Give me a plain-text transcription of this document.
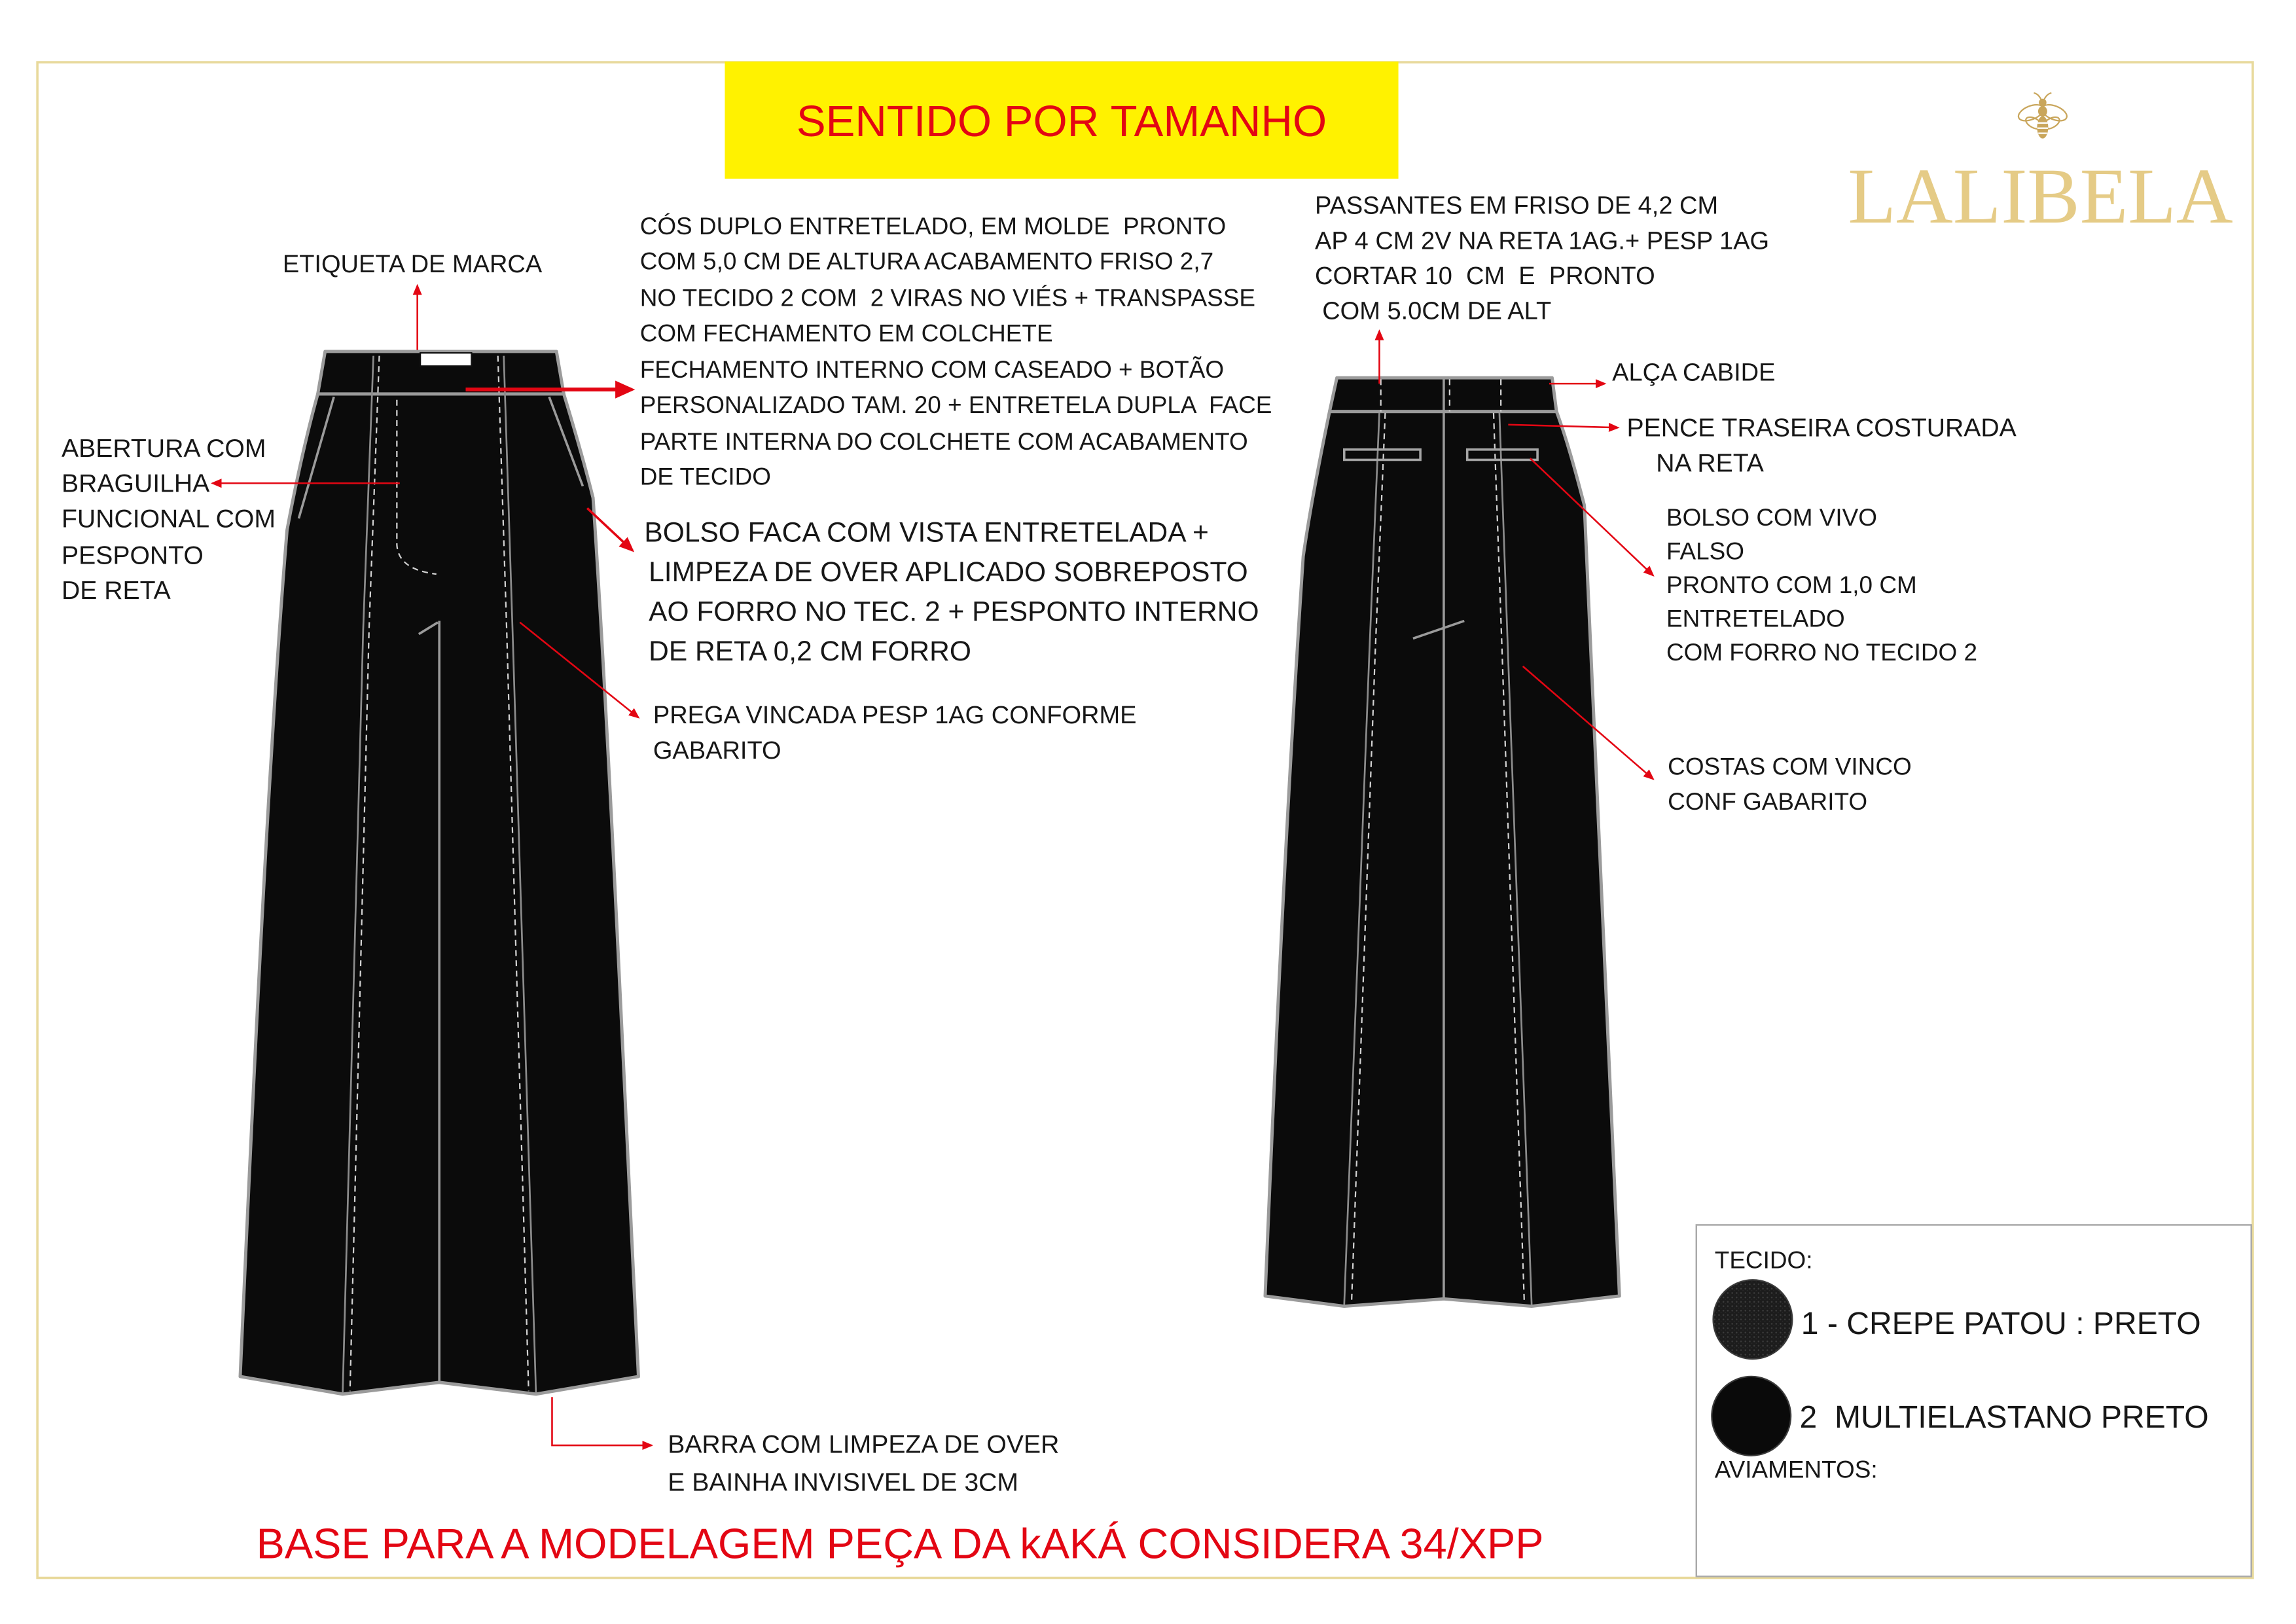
SENTIDO POR TAMANHO
LALIBELA
ETIQUETA DE MARCA
CÓS DUPLO ENTRETELADO, EM MOLDE  PRONTO
COM 5,0 CM DE ALTURA ACABAMENTO FRISO 2,7
NO TECIDO 2 COM  2 VIRAS NO VIÉS + TRANSPASSE
COM FECHAMENTO EM COLCHETE
FECHAMENTO INTERNO COM CASEADO + BOTÃO
PERSONALIZADO TAM. 20 + ENTRETELA DUPLA  FACE
PARTE INTERNA DO COLCHETE COM ACABAMENTO
DE TECIDO
ABERTURA COM
BRAGUILHA
FUNCIONAL COM
PESPONTO
DE RETA
BOLSO FACA COM VISTA ENTRETELADA +
LIMPEZA DE OVER APLICADO SOBREPOSTO
AO FORRO NO TEC. 2 + PESPONTO INTERNO
DE RETA 0,2 CM FORRO
PREGA VINCADA PESP 1AG CONFORME
GABARITO
BARRA COM LIMPEZA DE OVER
E BAINHA INVISIVEL DE 3CM
BASE PARA A MODELAGEM PEÇA DA kAKÁ CONSIDERA 34/XPP
PASSANTES EM FRISO DE 4,2 CM
AP 4 CM 2V NA RETA 1AG.+ PESP 1AG
CORTAR 10  CM  E  PRONTO
COM 5.0CM DE ALT
ALÇA CABIDE
PENCE TRASEIRA COSTURADA
NA RETA
BOLSO COM VIVO
FALSO
PRONTO COM 1,0 CM
ENTRETELADO
COM FORRO NO TECIDO 2
COSTAS COM VINCO
CONF GABARITO
TECIDO:
1 - CREPE PATOU : PRETO
2  MULTIELASTANO PRETO
AVIAMENTOS:
